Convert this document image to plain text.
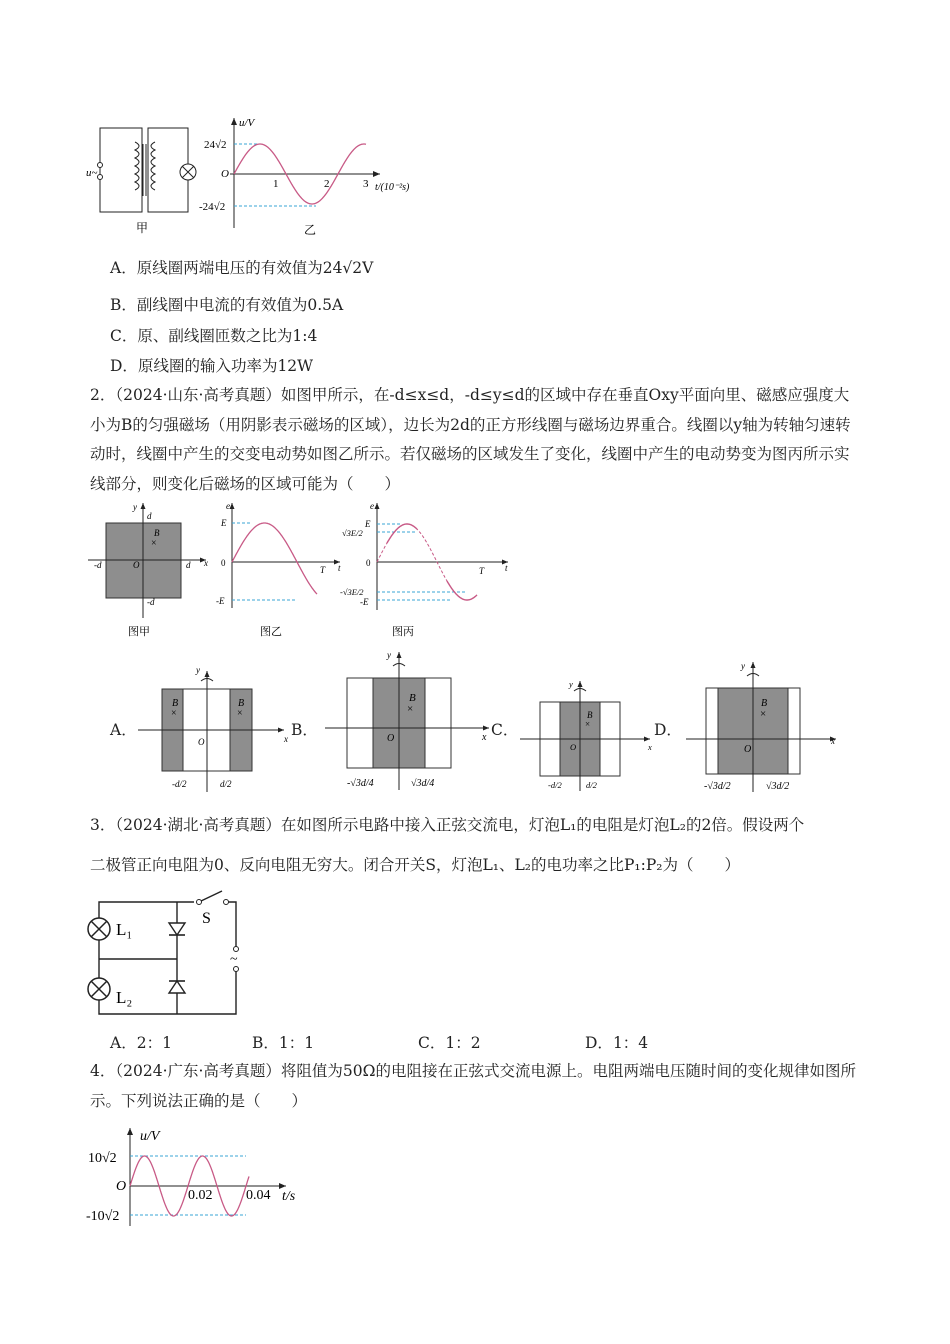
u~
甲
u/V
24√2
O
-24√2
1	2	3 t/(10⁻²s)
乙
A．原线圈两端电压的有效值为24√2V
B．副线圈中电流的有效值为0.5A
C．原、副线圈匝数之比为1:4
D．原线圈的输入功率为12W
2．（2024·山东·高考真题）如图甲所示，在-d≤x≤d，-d≤y≤d的区域中存在垂直Oxy平面向里、磁感应强度大小为B的匀强磁场（用阴影表示磁场的区域），边长为2d的正方形线圈与磁场边界重合。线圈以y轴为转轴匀速转动时，线圈中产生的交变电动势如图乙所示。若仅磁场的区域发生了变化，线圈中产生的电动势变为图丙所示实线部分，则变化后磁场的区域可能为（　　）
y
d
B
×
O
-d	d x
-d
图甲
e
E
0
-E
T t
图乙
e
E
√3E/2
0
-√3E/2
-E
T t
图丙
A．
y
x
O
B
×
B
×
-d/2	d/2
B．
y
x
O
B
×
-√3d/4	√3d/4
C．
y
x
O
B
×
-d/2	d/2
D．
y
x
O
B
×
-√3d/2	√3d/2
3．（2024·湖北·高考真题）在如图所示电路中接入正弦交流电，灯泡L₁的电阻是灯泡L₂的2倍。假设两个
二极管正向电阻为0、反向电阻无穷大。闭合开关S，灯泡L₁、L₂的电功率之比P₁:P₂为（　　）
L₁
L₂
S
~
A．2：1	B．1：1	C．1：2	D．1：4
4．（2024·广东·高考真题）将阻值为50Ω的电阻接在正弦式交流电源上。电阻两端电压随时间的变化规律如图所示。下列说法正确的是（　　）
u/V
10√2
O
-10√2
0.02 0.04 t/s
